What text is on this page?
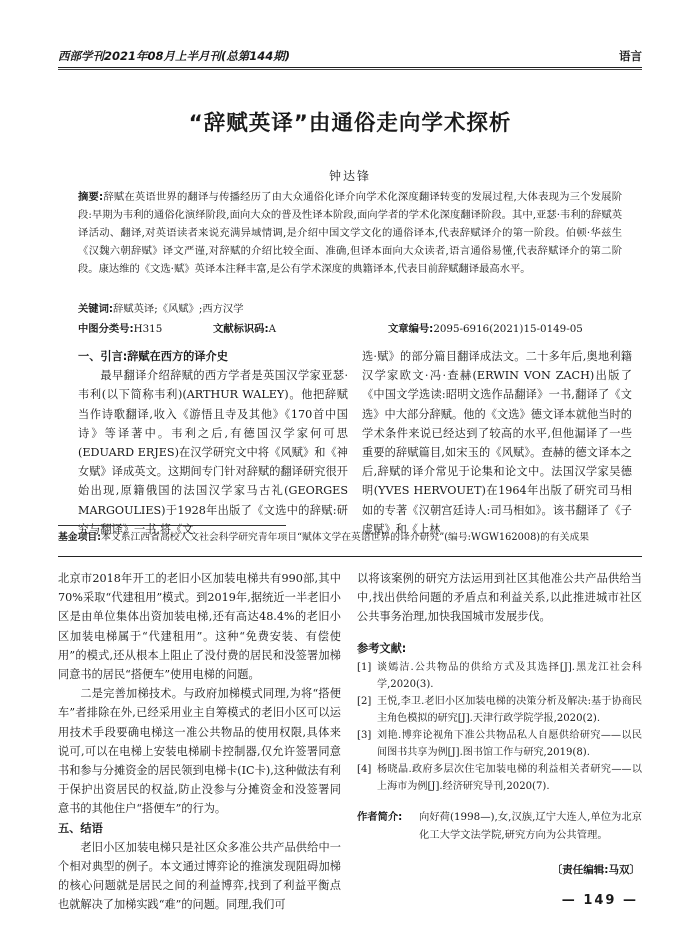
西部学刊2021年08月上半月刊(总第144期)	语言
“辞赋英译”由通俗走向学术探析
钟达锋
摘要:辞赋在英语世界的翻译与传播经历了由大众通俗化译介向学术化深度翻译转变的发展过程,大体表现为三个发展阶段:早期为韦利的通俗化演绎阶段,面向大众的普及性译本阶段,面向学者的学术化深度翻译阶段。其中,亚瑟·韦利的辞赋英译活动、翻译,对英语读者来说充满异域情调,是介绍中国文学文化的通俗译本,代表辞赋译介的第一阶段。伯顿·华兹生《汉魏六朝辞赋》译文严谨,对辞赋的介绍比较全面、准确,但译本面向大众读者,语言通俗易懂,代表辞赋译介的第二阶段。康达维的《文选·赋》英译本注释丰富,是公有学术深度的典籍译本,代表目前辞赋翻译最高水平。
关键词:辞赋英译;《风赋》;西方汉学
中图分类号:H315	文献标识码:A	文章编号:2095-6916(2021)15-0149-05

一、引言:辞赋在西方的译介史

最早翻译介绍辞赋的西方学者是英国汉学家亚瑟·韦利(以下简称韦利)(ARTHUR WALEY)。他把辞赋当作诗歌翻译,收入《游悟且寺及其他》《170首中国诗》等译著中。韦利之后,有德国汉学家何可思(EDUARD ERJES)在汉学研究文中将《风赋》和《神女赋》译成英文。这期间专门针对辞赋的翻译研究很开始出现,原籍俄国的法国汉学家马古礼(GEORGES MARGOULIES)于1928年出版了《文选中的辞赋:研究与翻译》一书,将《文

选·赋》的部分篇目翻译成法文。二十多年后,奥地利籍汉学家欧文·冯·查赫(ERWIN VON ZACH)出版了《中国文学选读:昭明文选作品翻译》一书,翻译了《文选》中大部分辞赋。他的《文选》德文译本就他当时的学术条件来说已经达到了较高的水平,但他漏译了一些重要的辞赋篇目,如宋玉的《风赋》。查赫的德文译本之后,辞赋的译介常见于论集和论文中。法国汉学家吴德明(YVES HERVOUET)在1964年出版了研究司马相如的专著《汉朝宫廷诗人:司马相如》。该书翻译了《子虚赋》和《上林

基金项目:本文系江西省高校人文社会科学研究青年项目“赋体文学在英语世界的译介研究”(编号:WGW162008)的有关成果

北京市2018年开工的老旧小区加装电梯共有990部,其中70%采取“代建租用”模式。到2019年,据统近一半老旧小区是由单位集体出资加装电梯,还有高达48.4%的老旧小区加装电梯属于“代建租用”。这种“免费安装、有偿使用”的模式,还从根本上阻止了没付费的居民和没签署加梯同意书的居民“搭便车”使用电梯的问题。

二是完善加梯技术。与政府加梯模式同理,为将“搭便车”者排除在外,已经采用业主自筹模式的老旧小区可以运用技术手段要确电梯这一准公共物品的使用权限,具体来说可,可以在电梯上安装电梯刷卡控制器,仅允许签署同意书和参与分摊资金的居民领到电梯卡(IC卡),这种做法有利于保护出资居民的权益,防止没参与分摊资金和没签署同意书的其他住户“搭便车”的行为。

五、结语

老旧小区加装电梯只是社区众多准公共产品供给中一个相对典型的例子。本文通过博弈论的推演发现阻碍加梯的核心问题就是居民之间的利益博弈,找到了利益平衡点也就解决了加梯实践“难”的问题。同理,我们可

以将该案例的研究方法运用到社区其他准公共产品供给当中,找出供给问题的矛盾点和利益关系,以此推进城市社区公共事务治理,加快我国城市发展步伐。

参考文献:
[1] 谈嫣洁.公共物品的供给方式及其选择[J].黑龙江社会科学,2020(3).
[2] 王悦,李卫.老旧小区加装电梯的决策分析及解决:基于协商民主角色模拟的研究[J].天津行政学院学报,2020(2).
[3] 刘艳.博弈论视角下准公共物品私人自愿供给研究——以民间图书共享为例[J].图书馆工作与研究,2019(8).
[4] 杨晓晶.政府多层次住宅加装电梯的利益相关者研究——以上海市为例[J].经济研究导刊,2020(7).
作者简介:	向好荷(1998—),女,汉族,辽宁大连人,单位为北京化工大学文法学院,研究方向为公共管理。
〔责任编辑:马双〕
— 149 —
